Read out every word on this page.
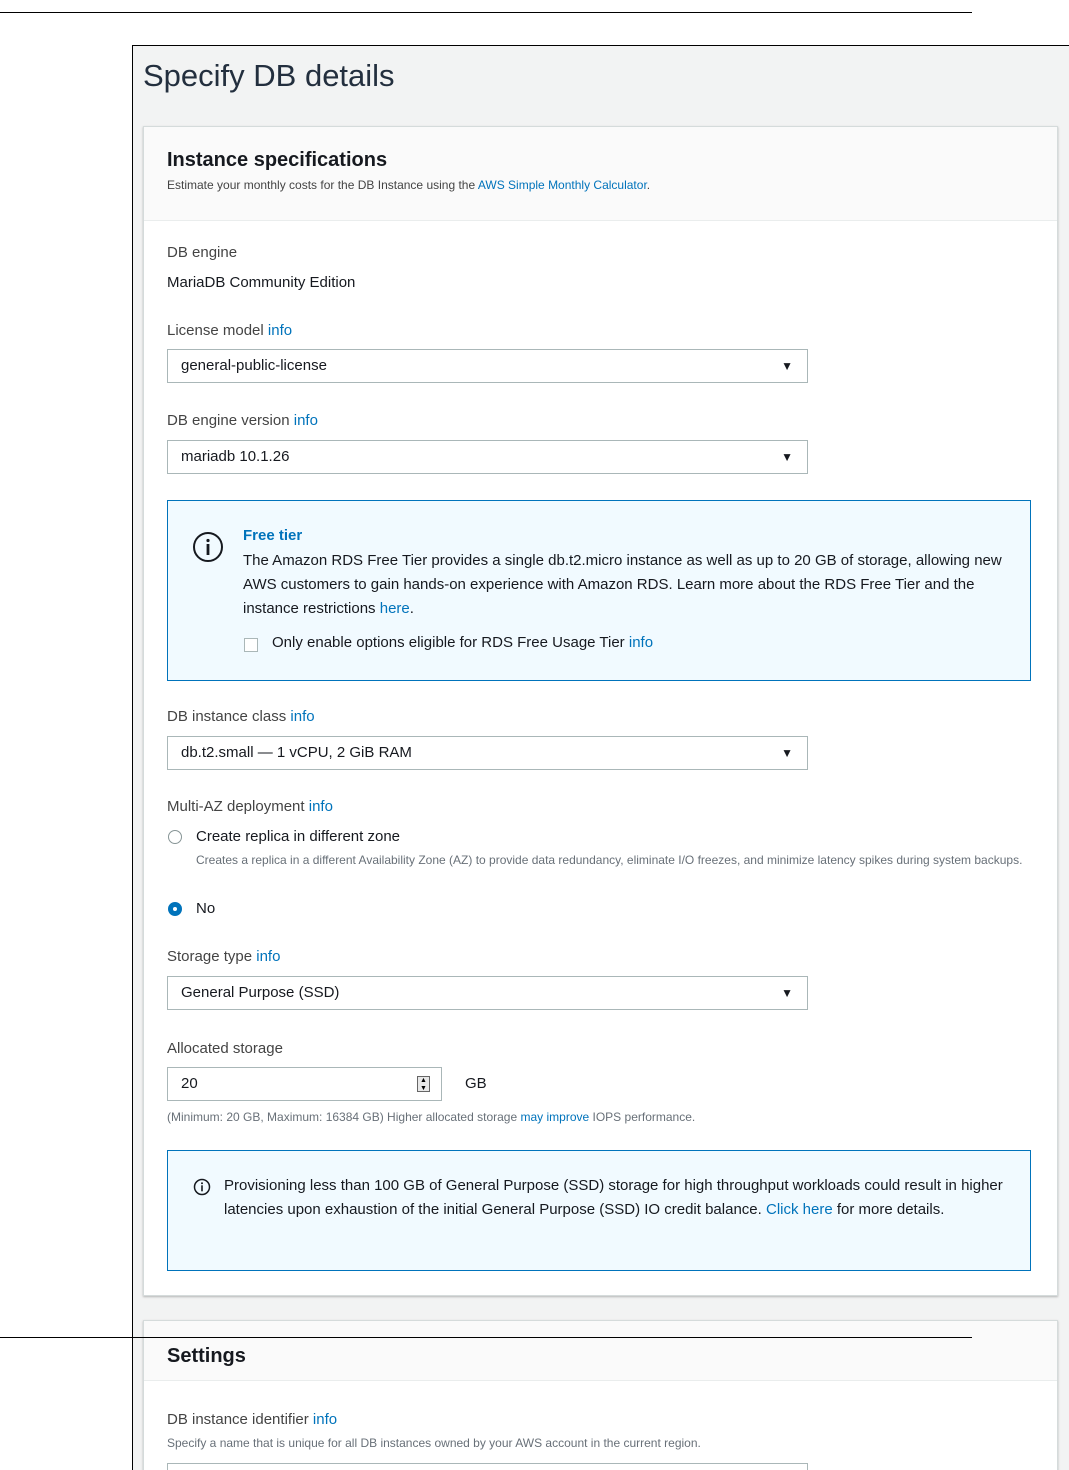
Specify DB details
Instance specifications
Estimate your monthly costs for the DB Instance using the AWS Simple Monthly Calculator.
DB engine
MariaDB Community Edition
License model info
general-public-license	▼
DB engine version info
mariadb 10.1.26	▼
Free tier
The Amazon RDS Free Tier provides a single db.t2.micro instance as well as up to 20 GB of storage, allowing new AWS customers to gain hands-on experience with Amazon RDS. Learn more about the RDS Free Tier and the instance restrictions here.
Only enable options eligible for RDS Free Usage Tier info
DB instance class info
db.t2.small — 1 vCPU, 2 GiB RAM	▼
Multi-AZ deployment info
Create replica in different zone
Creates a replica in a different Availability Zone (AZ) to provide data redundancy, eliminate I/O freezes, and minimize latency spikes during system backups.
No
Storage type info
General Purpose (SSD)	▼
Allocated storage
20	▲
▼	GB
(Minimum: 20 GB, Maximum: 16384 GB) Higher allocated storage may improve IOPS performance.
Provisioning less than 100 GB of General Purpose (SSD) storage for high throughput workloads could result in higher latencies upon exhaustion of the initial General Purpose (SSD) IO credit balance. Click here for more details.
Settings
DB instance identifier info
Specify a name that is unique for all DB instances owned by your AWS account in the current region.
